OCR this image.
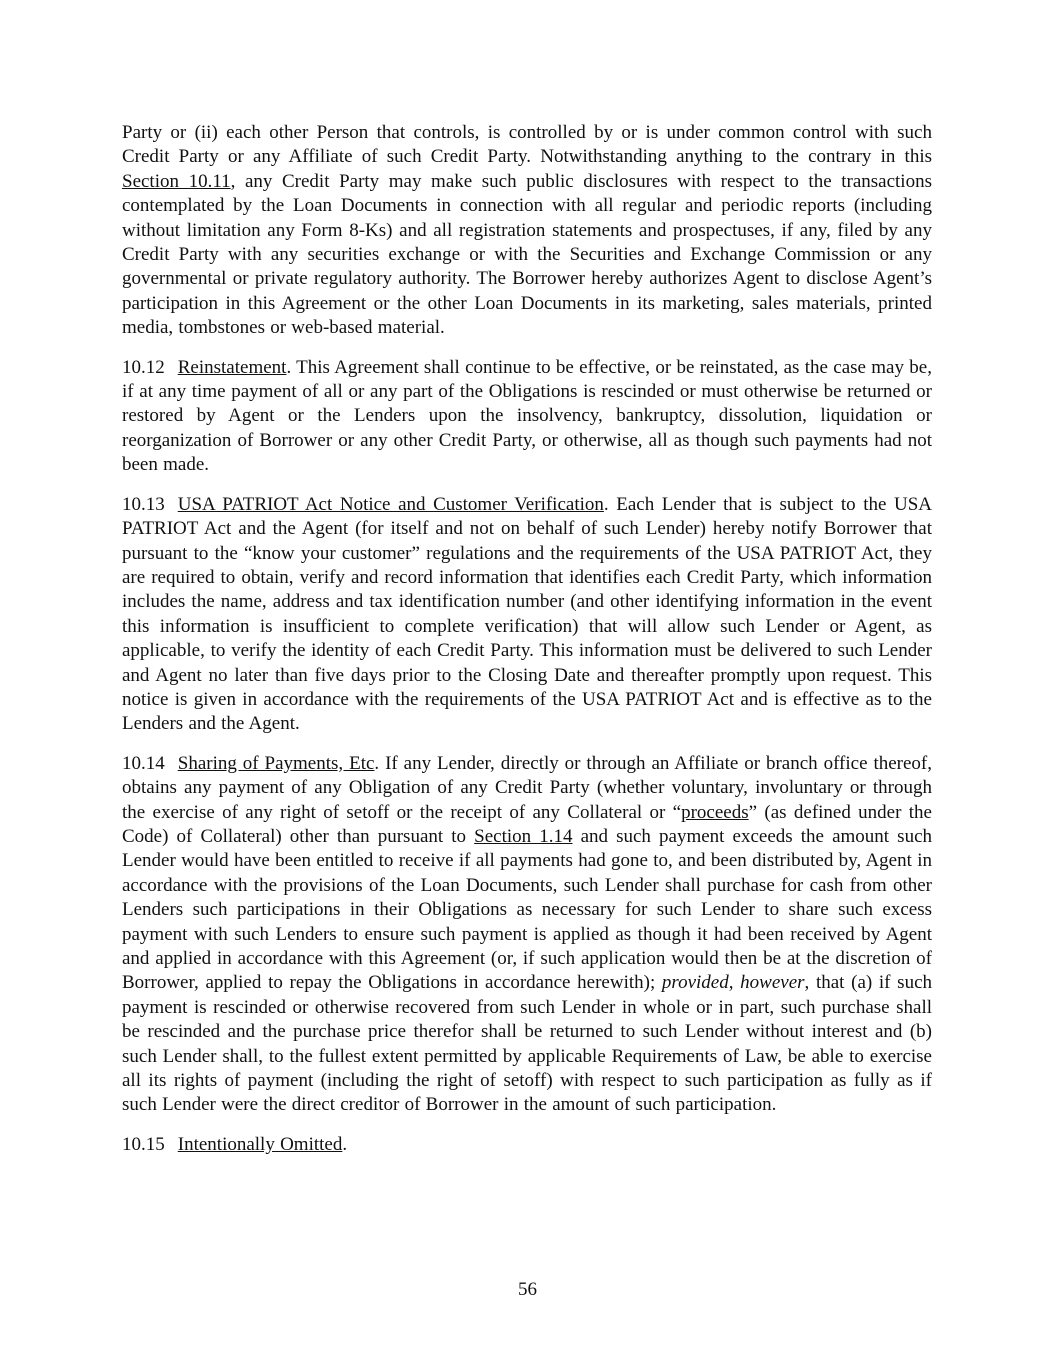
Party or (ii) each other Person that controls, is controlled by or is under common control with such Credit Party or any Affiliate of such Credit Party. Notwithstanding anything to the contrary in this Section 10.11, any Credit Party may make such public disclosures with respect to the transactions contemplated by the Loan Documents in connection with all regular and periodic reports (including without limitation any Form 8-Ks) and all registration statements and prospectuses, if any, filed by any Credit Party with any securities exchange or with the Securities and Exchange Commission or any governmental or private regulatory authority. The Borrower hereby authorizes Agent to disclose Agent’s participation in this Agreement or the other Loan Documents in its marketing, sales materials, printed media, tombstones or web-based material.

10.12 Reinstatement. This Agreement shall continue to be effective, or be reinstated, as the case may be, if at any time payment of all or any part of the Obligations is rescinded or must otherwise be returned or restored by Agent or the Lenders upon the insolvency, bankruptcy, dissolution, liquidation or reorganization of Borrower or any other Credit Party, or otherwise, all as though such payments had not been made.

10.13 USA PATRIOT Act Notice and Customer Verification. Each Lender that is subject to the USA PATRIOT Act and the Agent (for itself and not on behalf of such Lender) hereby notify Borrower that pursuant to the “know your customer” regulations and the requirements of the USA PATRIOT Act, they are required to obtain, verify and record information that identifies each Credit Party, which information includes the name, address and tax identification number (and other identifying information in the event this information is insufficient to complete verification) that will allow such Lender or Agent, as applicable, to verify the identity of each Credit Party. This information must be delivered to such Lender and Agent no later than five days prior to the Closing Date and thereafter promptly upon request. This notice is given in accordance with the requirements of the USA PATRIOT Act and is effective as to the Lenders and the Agent.

10.14 Sharing of Payments, Etc. If any Lender, directly or through an Affiliate or branch office thereof, obtains any payment of any Obligation of any Credit Party (whether voluntary, involuntary or through the exercise of any right of setoff or the receipt of any Collateral or “proceeds” (as defined under the Code) of Collateral) other than pursuant to Section 1.14 and such payment exceeds the amount such Lender would have been entitled to receive if all payments had gone to, and been distributed by, Agent in accordance with the provisions of the Loan Documents, such Lender shall purchase for cash from other Lenders such participations in their Obligations as necessary for such Lender to share such excess payment with such Lenders to ensure such payment is applied as though it had been received by Agent and applied in accordance with this Agreement (or, if such application would then be at the discretion of Borrower, applied to repay the Obligations in accordance herewith); provided, however, that (a) if such payment is rescinded or otherwise recovered from such Lender in whole or in part, such purchase shall be rescinded and the purchase price therefor shall be returned to such Lender without interest and (b) such Lender shall, to the fullest extent permitted by applicable Requirements of Law, be able to exercise all its rights of payment (including the right of setoff) with respect to such participation as fully as if such Lender were the direct creditor of Borrower in the amount of such participation.

10.15 Intentionally Omitted.

56
